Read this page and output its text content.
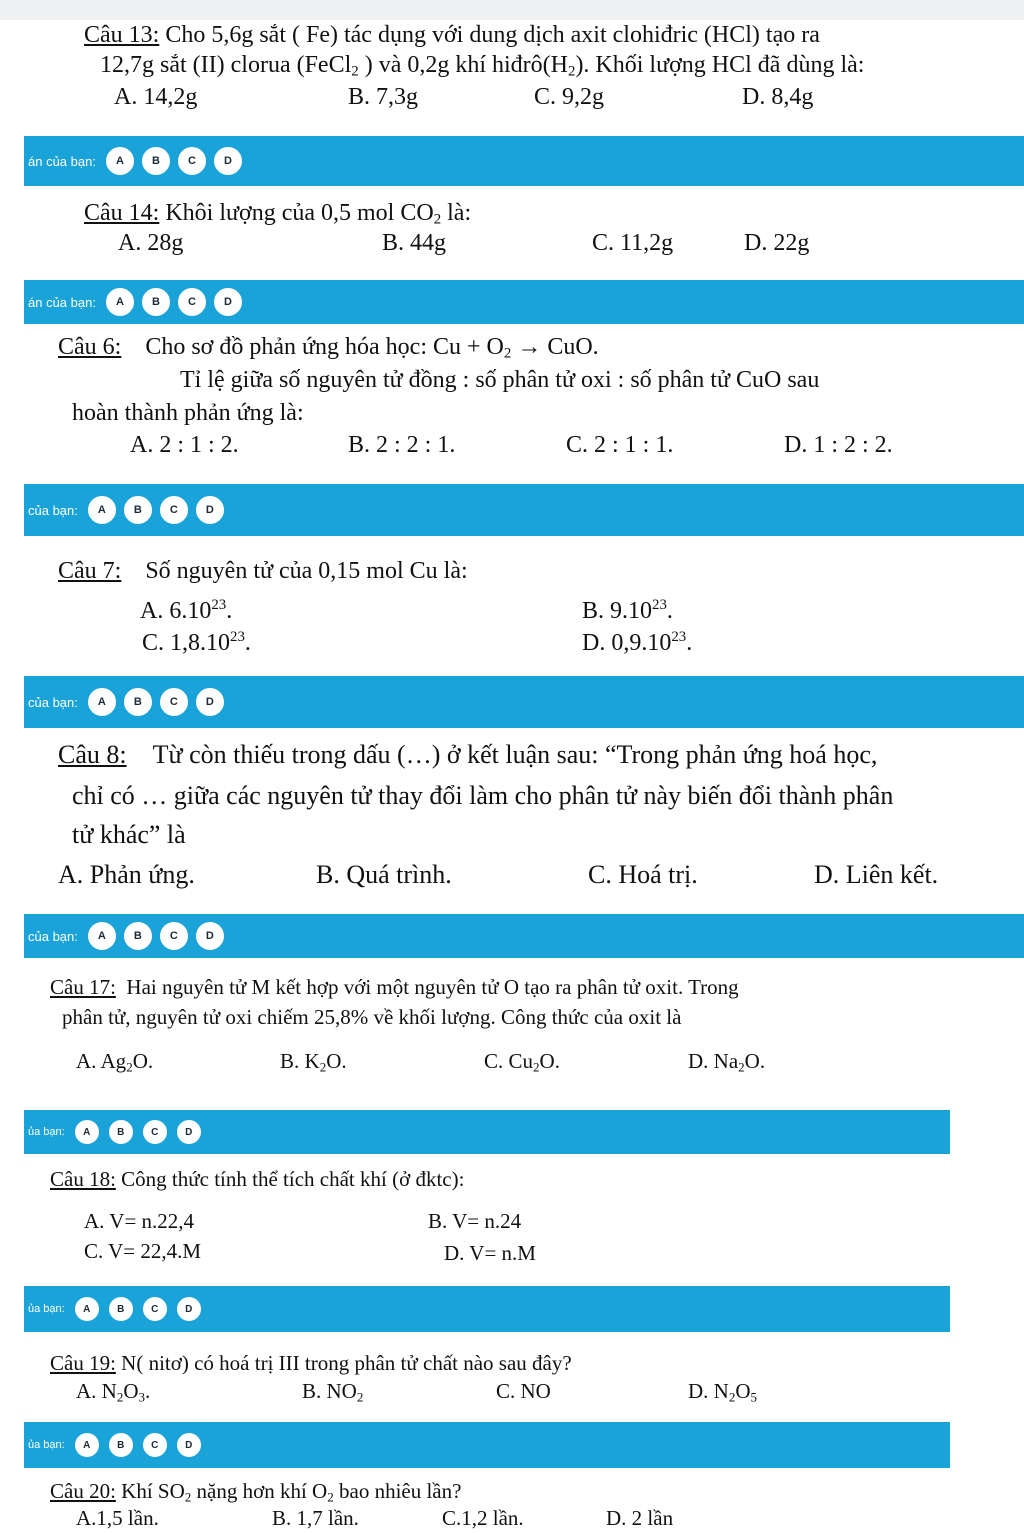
Câu 13: Cho 5,6g sắt ( Fe) tác dụng với dung dịch axit clohiđric (HCl) tạo ra
12,7g sắt (II) clorua (FeCl$_2$ ) và 0,2g khí $hiđrô(H_2)$. Khối lượng HCl đã dùng là:
A. 14,2g	B. 7,3g	C. 9,2g	D. 8,4g
án của bạn:	A	B	C	D
Câu 14: Khôi lượng của 0,5 mol $CO_2$ là:
A. 28g	B. 44g	C. 11,2g	D. 22g
án của bạn:	A	B	C	D
Câu 6: Cho sơ đồ phản ứng hóa học: $Cu + O_2$ → CuO.
Tỉ lệ giữa số nguyên tử đồng : số phân tử oxi : số phân tử CuO sau
hoàn thành phản ứng là:
A. 2 : 1 : 2.	B. 2 : 2 : 1.	C. 2 : 1 : 1.	D. 1 : 2 : 2.
của bạn:	A	B	C	D
Câu 7: Số nguyên tử của 0,15 mol Cu là:
A. 6.10$^{23}$.	B. 9.10$^{23}$.
C. 1,8.10$^{23}$.	D. 0,9.10$^{23}$.
của bạn:	A	B	C	D
Câu 8: Từ còn thiếu trong dấu (…) ở kết luận sau: “Trong phản ứng hoá học,
chỉ có … giữa các nguyên tử thay đổi làm cho phân tử này biến đổi thành phân
tử khác” là
A. Phản ứng.	B. Quá trình.	C. Hoá trị.	D. Liên kết.
của bạn:	A	B	C	D
Câu 17: Hai nguyên tử M kết hợp với một nguyên tử O tạo ra phân tử oxit. Trong
phân tử, nguyên tử oxi chiếm 25,8% về khối lượng. Công thức của oxit là
A. $Ag_2O$.	B. $K_2O$.	C. $Cu_2O$.	D. $Na_2O$.
ủa bạn:	A	B	C	D
Câu 18: Công thức tính thể tích chất khí (ở đktc):
A. V= n.22,4	B. V= n.24
C. V= 22,4.M	D. V= n.M
ủa bạn:	A	B	C	D
Câu 19: N( nitơ) có hoá trị III trong phân tử chất nào sau đây?
A. $N_2O_3$.	B. $NO_2$	C. NO	D. $N_2O_5$
ủa bạn:	A	B	C	D
Câu 20: Khí $SO_2$ nặng hơn khí $O_2$ bao nhiêu lần?
A.1,5 lần.	B. 1,7 lần.	C.1,2 lần.	D. 2 lần
